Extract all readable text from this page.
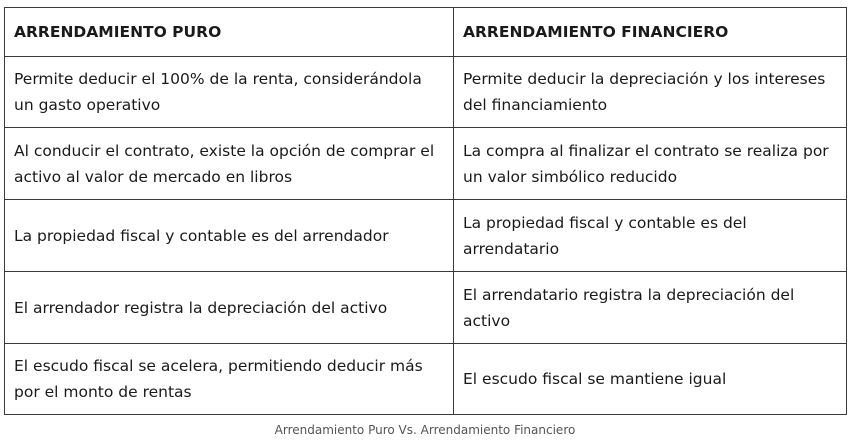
ARRENDAMIENTO PURO	ARRENDAMIENTO FINANCIERO
Permite deducir el 100% de la renta, considerándola un gasto operativo	Permite deducir la depreciación y los intereses del financiamiento
Al conducir el contrato, existe la opción de comprar el activo al valor de mercado en libros	La compra al finalizar el contrato se realiza por un valor simbólico reducido
La propiedad fiscal y contable es del arrendador	La propiedad fiscal y contable es del arrendatario
El arrendador registra la depreciación del activo	El arrendatario registra la depreciación del activo
El escudo fiscal se acelera, permitiendo deducir más por el monto de rentas	El escudo fiscal se mantiene igual
Arrendamiento Puro Vs. Arrendamiento Financiero
